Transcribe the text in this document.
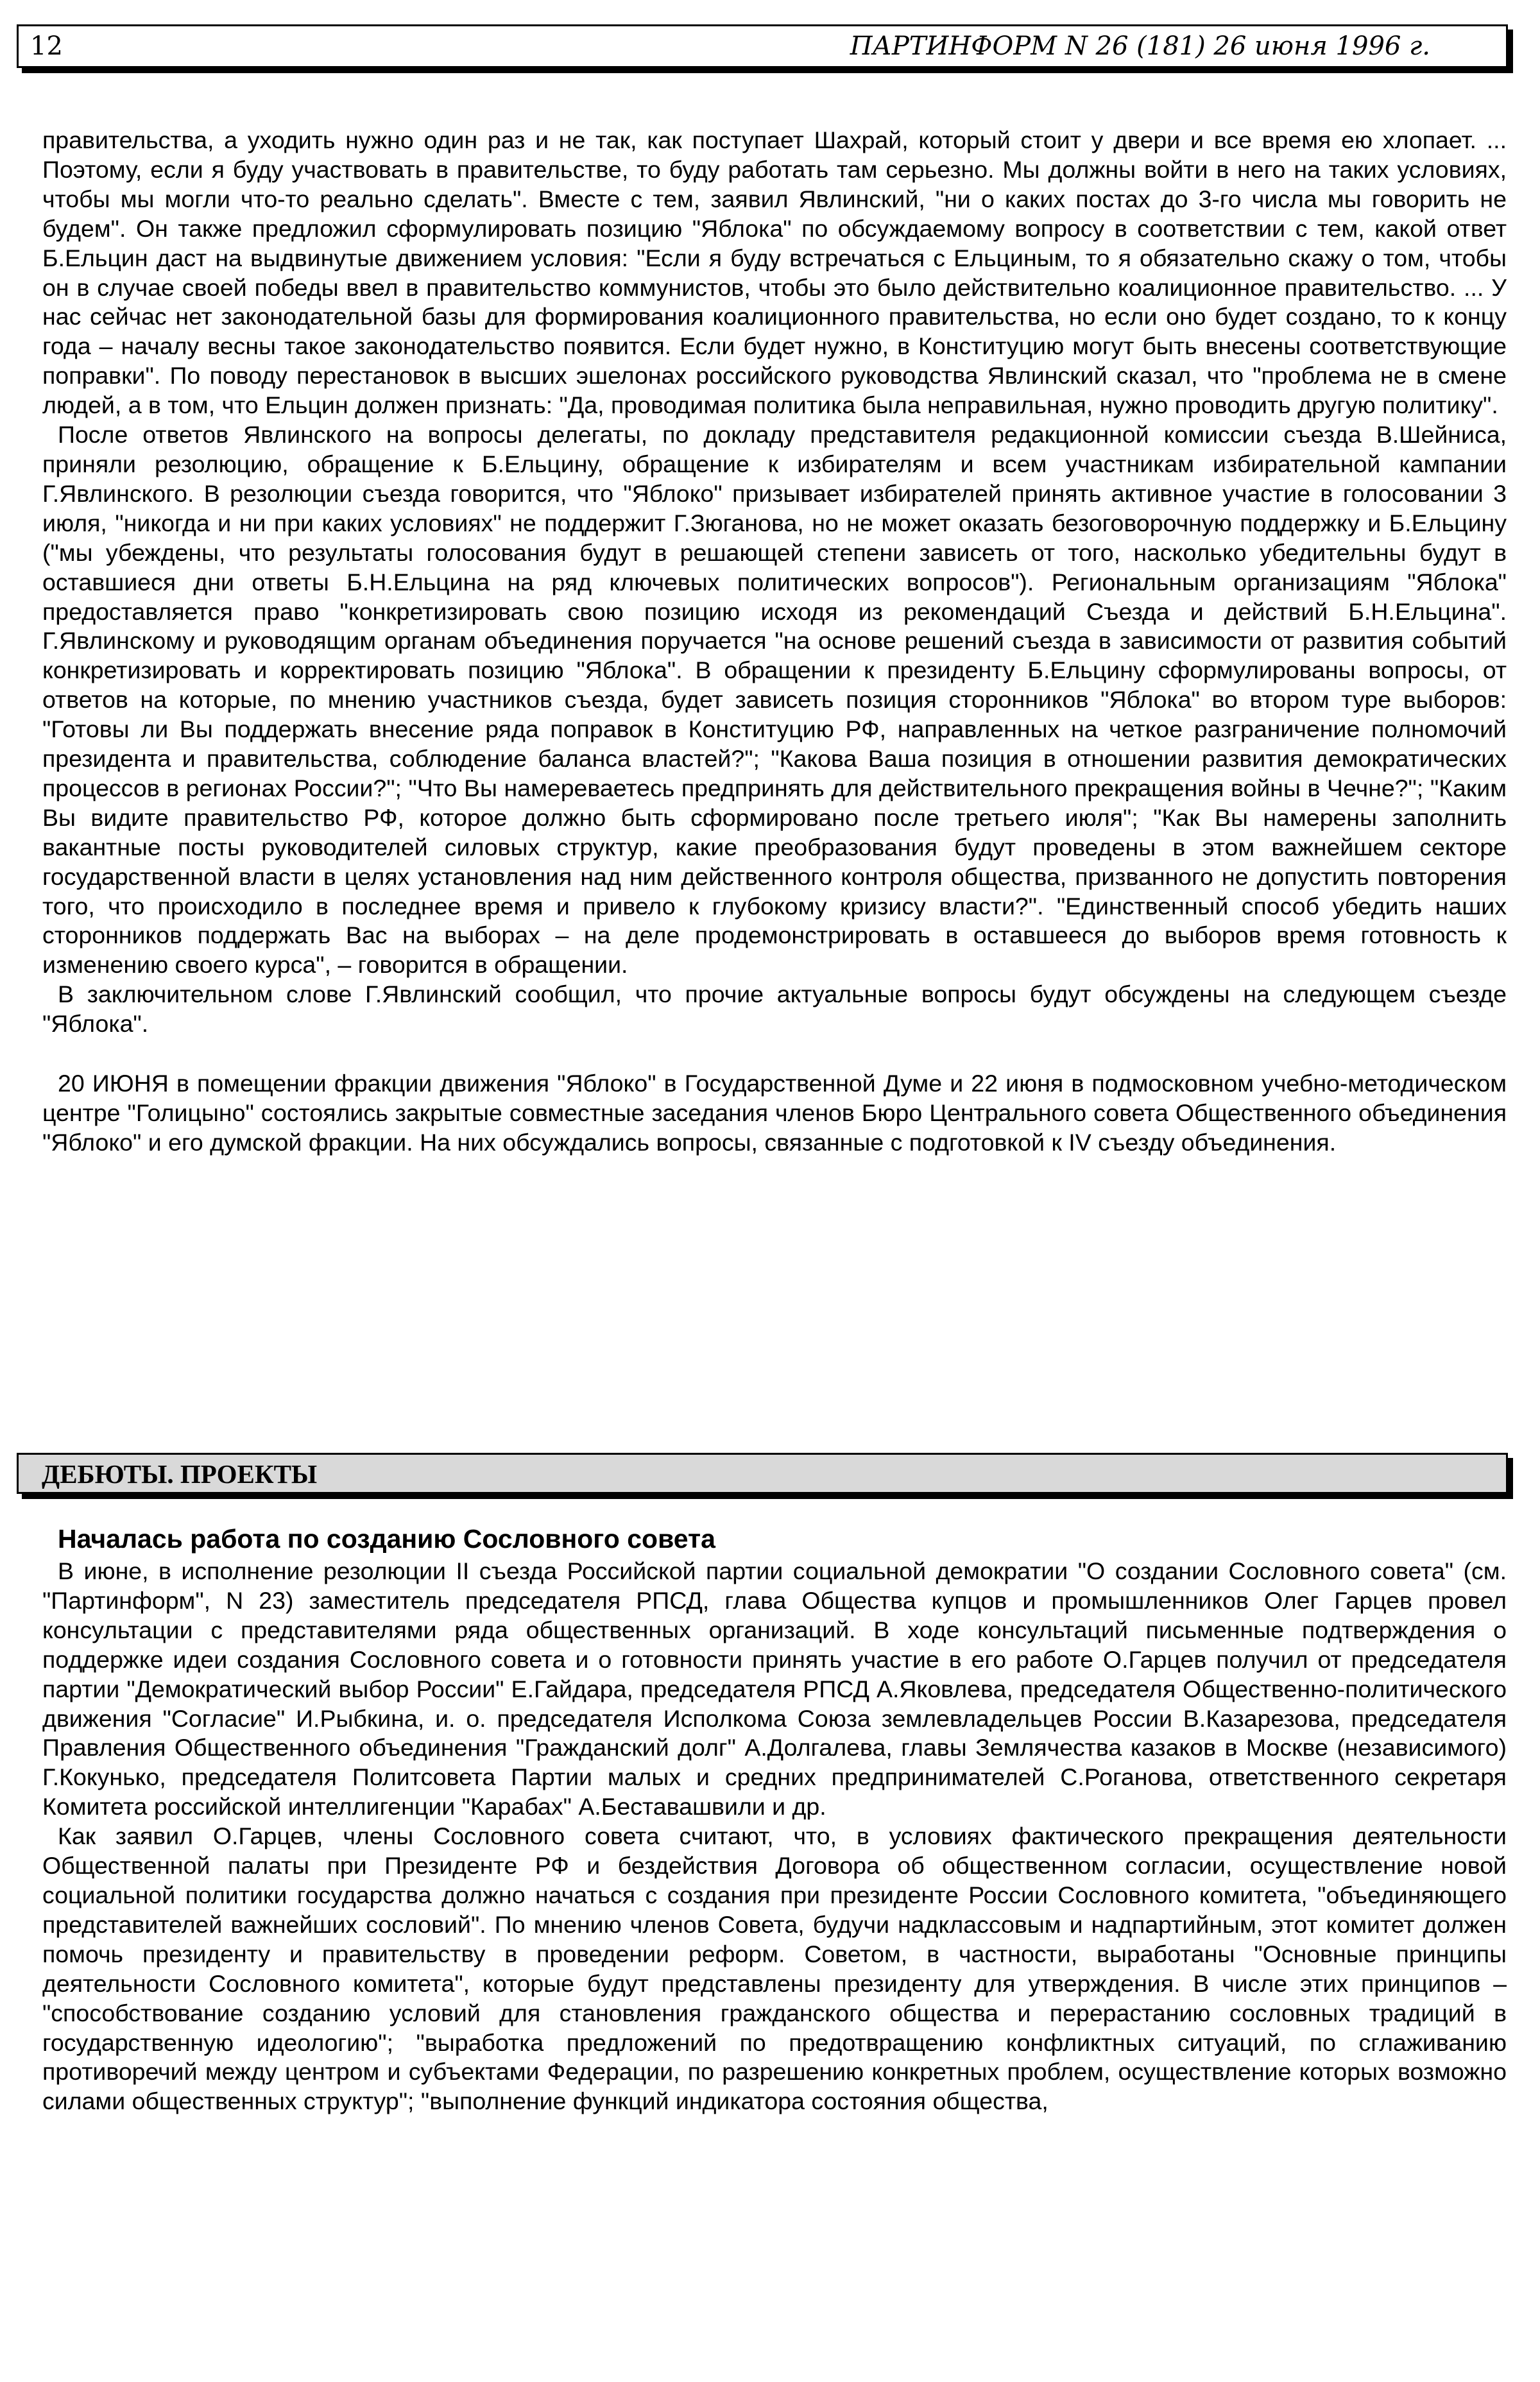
12	ПАРТИНФОРМ N 26 (181) 26 июня 1996 г.

правительства, а уходить нужно один раз и не так, как поступает Шахрай, который стоит у двери и все время ею хлопает. ... Поэтому, если я буду участвовать в правительстве, то буду работать там серьезно. Мы должны войти в него на таких условиях, чтобы мы могли что-то реально сделать". Вместе с тем, заявил Явлинский, "ни о каких постах до 3-го числа мы говорить не будем". Он также предложил сформулировать позицию "Яблока" по обсуждаемому вопросу в соответствии с тем, какой ответ Б.Ельцин даст на выдвинутые движением условия: "Если я буду встречаться с Ельциным, то я обязательно скажу о том, чтобы он в случае своей победы ввел в правительство коммунистов, чтобы это было действительно коалиционное правительство. ... У нас сейчас нет законодательной базы для формирования коалиционного правительства, но если оно будет создано, то к концу года – началу весны такое законодательство появится. Если будет нужно, в Конституцию могут быть внесены соответствующие поправки". По поводу перестановок в высших эшелонах российского руководства Явлинский сказал, что "проблема не в смене людей, а в том, что Ельцин должен признать: "Да, проводимая политика была неправильная, нужно проводить другую политику".

После ответов Явлинского на вопросы делегаты, по докладу представителя редакционной комиссии съезда В.Шейниса, приняли резолюцию, обращение к Б.Ельцину, обращение к избирателям и всем участникам избирательной кампании Г.Явлинского. В резолюции съезда говорится, что "Яблоко" призывает избирателей принять активное участие в голосовании 3 июля, "никогда и ни при каких условиях" не поддержит Г.Зюганова, но не может оказать безоговорочную поддержку и Б.Ельцину ("мы убеждены, что результаты голосования будут в решающей степени зависеть от того, насколько убедительны будут в оставшиеся дни ответы Б.Н.Ельцина на ряд ключевых политических вопросов"). Региональным организациям "Яблока" предоставляется право "конкретизировать свою позицию исходя из рекомендаций Съезда и действий Б.Н.Ельцина". Г.Явлинскому и руководящим органам объединения поручается "на основе решений съезда в зависимости от развития событий конкретизировать и корректировать позицию "Яблока". В обращении к президенту Б.Ельцину сформулированы вопросы, от ответов на которые, по мнению участников съезда, будет зависеть позиция сторонников "Яблока" во втором туре выборов: "Готовы ли Вы поддержать внесение ряда поправок в Конституцию РФ, направленных на четкое разграничение полномочий президента и правительства, соблюдение баланса властей?"; "Какова Ваша позиция в отношении развития демократических процессов в регионах России?"; "Что Вы намереваетесь предпринять для действительного прекращения войны в Чечне?"; "Каким Вы видите правительство РФ, которое должно быть сформировано после третьего июля"; "Как Вы намерены заполнить вакантные посты руководителей силовых структур, какие преобразования будут проведены в этом важнейшем секторе государственной власти в целях установления над ним действенного контроля общества, призванного не допустить повторения того, что происходило в последнее время и привело к глубокому кризису власти?". "Единственный способ убедить наших сторонников поддержать Вас на выборах – на деле продемонстрировать в оставшееся до выборов время готовность к изменению своего курса", – говорится в обращении.

В заключительном слове Г.Явлинский сообщил, что прочие актуальные вопросы будут обсуждены на следующем съезде "Яблока".

20 ИЮНЯ в помещении фракции движения "Яблоко" в Государственной Думе и 22 июня в подмосковном учебно-методическом центре "Голицыно" состоялись закрытые совместные заседания членов Бюро Центрального совета Общественного объединения "Яблоко" и его думской фракции. На них обсуждались вопросы, связанные с подготовкой к IV съезду объединения.

ДЕБЮТЫ. ПРОЕКТЫ
Началась работа по созданию Сословного совета

В июне, в исполнение резолюции II съезда Российской партии социальной демократии "О создании Сословного совета" (см. "Партинформ", N 23) заместитель председателя РПСД, глава Общества купцов и промышленников Олег Гарцев провел консультации с представителями ряда общественных организаций. В ходе консультаций письменные подтверждения о поддержке идеи создания Сословного совета и о готовности принять участие в его работе О.Гарцев получил от председателя партии "Демократический выбор России" Е.Гайдара, председателя РПСД А.Яковлева, председателя Общественно-политического движения "Согласие" И.Рыбкина, и. о. председателя Исполкома Союза землевладельцев России В.Казарезова, председателя Правления Общественного объединения "Гражданский долг" А.Долгалева, главы Землячества казаков в Москве (независимого) Г.Кокунько, председателя Политсовета Партии малых и средних предпринимателей С.Роганова, ответственного секретаря Комитета российской интеллигенции "Карабах" А.Беставашвили и др.

Как заявил О.Гарцев, члены Сословного совета считают, что, в условиях фактического прекращения деятельности Общественной палаты при Президенте РФ и бездействия Договора об общественном согласии, осуществление новой социальной политики государства должно начаться с создания при президенте России Сословного комитета, "объединяющего представителей важнейших сословий". По мнению членов Совета, будучи надклассовым и надпартийным, этот комитет должен помочь президенту и правительству в проведении реформ. Советом, в частности, выработаны "Основные принципы деятельности Сословного комитета", которые будут представлены президенту для утверждения. В числе этих принципов – "способствование созданию условий для становления гражданского общества и перерастанию сословных традиций в государственную идеологию"; "выработка предложений по предотвращению конфликтных ситуаций, по сглаживанию противоречий между центром и субъектами Федерации, по разрешению конкретных проблем, осуществление которых возможно силами общественных структур"; "выполнение функций индикатора состояния общества,
